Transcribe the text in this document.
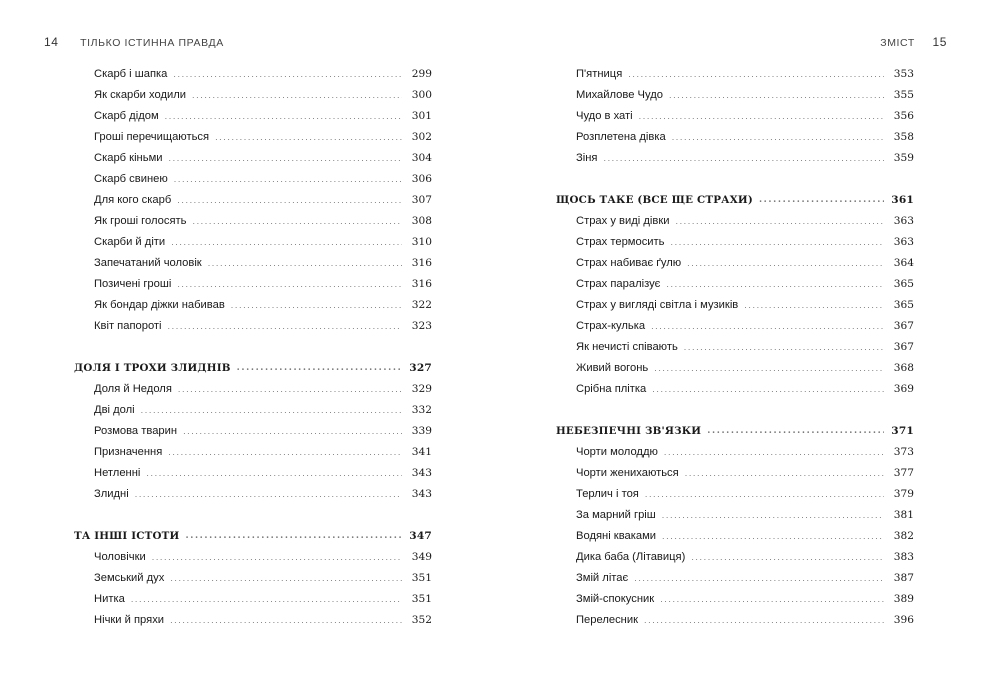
14 ТІЛЬКО ІСТИННА ПРАВДА	ЗМІСТ 15
Скарб і шапка .....	299
Як скарби ходили .....	300
Скарб дідом .....	301
Гроші перечищаються .....	302
Скарб кіньми .....	304
Скарб свинею .....	306
Для кого скарб .....	307
Як гроші голосять .....	308
Скарби й діти .....	310
Запечатаний чоловік .....	316
Позичені гроші .....	316
Як бондар діжки набивав .....	322
Квіт папороті .....	323
ДОЛЯ І ТРОХИ ЗЛИДНІВ .....	327
Доля й Недоля .....	329
Дві долі .....	332
Розмова тварин .....	339
Призначення .....	341
Нетленні .....	343
Злидні .....	343
ТА ІНШІ ІСТОТИ .....	347
Чоловічки .....	349
Земський дух .....	351
Нитка .....	351
Нічки й пряхи .....	352
П'ятниця .....	353
Михайлове Чудо .....	355
Чудо в хаті .....	356
Розплетена дівка .....	358
Зіня .....	359
ЩОСЬ ТАКЕ (ВСЕ ЩЕ СТРАХИ) .....	361
Страх у виді дівки .....	363
Страх термосить .....	363
Страх набиває ґулю .....	364
Страх паралізує .....	365
Страх у вигляді світла і музиків .....	365
Страх-кулька .....	367
Як нечисті співають .....	367
Живий вогонь .....	368
Срібна плітка .....	369
НЕБЕЗПЕЧНІ ЗВ'ЯЗКИ .....	371
Чорти молоддю .....	373
Чорти женихаються .....	377
Терлич і тоя .....	379
За марний гріш .....	381
Водяні кваками .....	382
Дика баба (Літавиця) .....	383
Змій літає .....	387
Змій-спокусник .....	389
Перелесник .....	396
